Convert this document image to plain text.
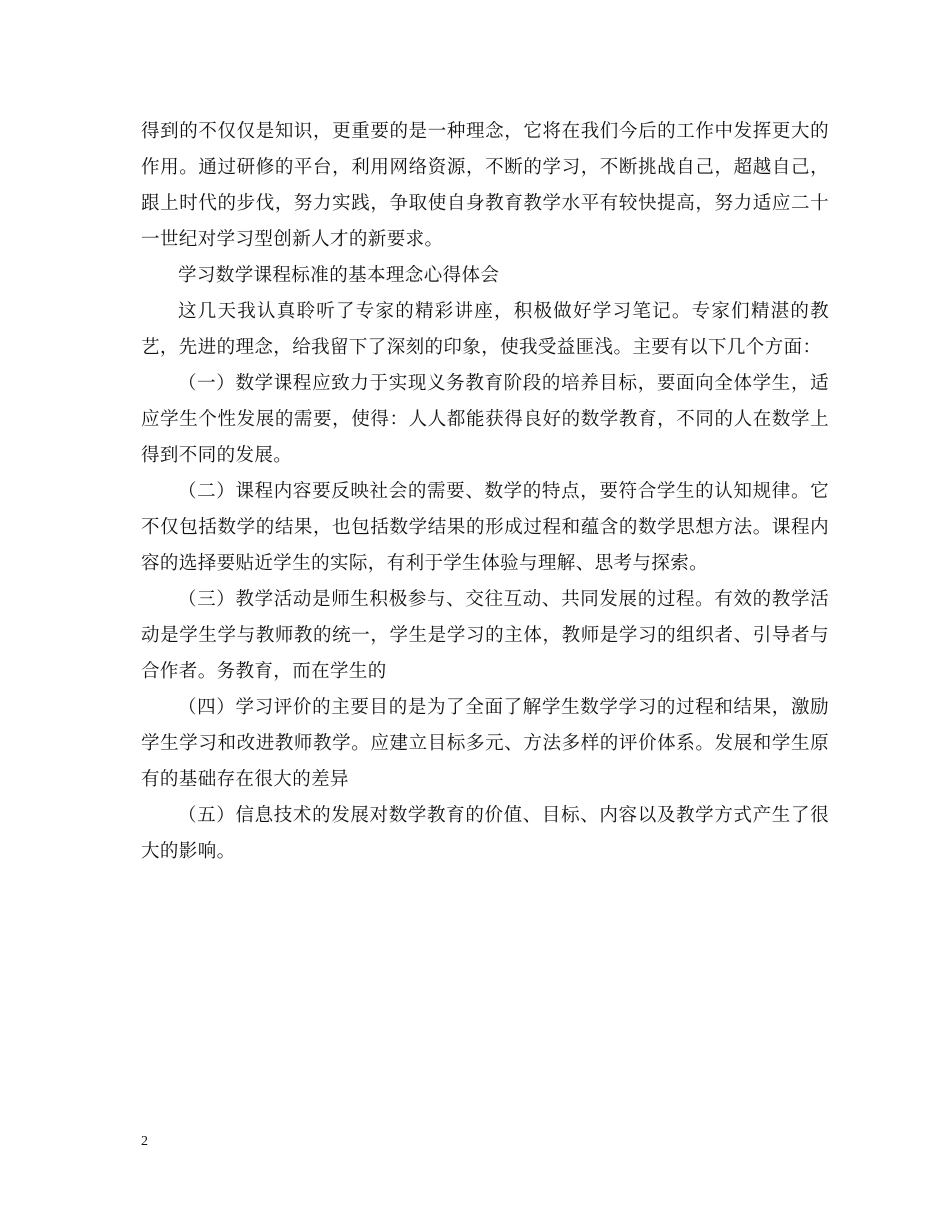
得到的不仅仅是知识，更重要的是一种理念，它将在我们今后的工作中发挥更大的作用。通过研修的平台，利用网络资源，不断的学习，不断挑战自己，超越自己，跟上时代的步伐，努力实践，争取使自身教育教学水平有较快提高，努力适应二十一世纪对学习型创新人才的新要求。

学习数学课程标准的基本理念心得体会

这几天我认真聆听了专家的精彩讲座，积极做好学习笔记。专家们精湛的教艺，先进的理念，给我留下了深刻的印象，使我受益匪浅。主要有以下几个方面：

（一）数学课程应致力于实现义务教育阶段的培养目标，要面向全体学生，适应学生个性发展的需要，使得：人人都能获得良好的数学教育，不同的人在数学上得到不同的发展。

（二）课程内容要反映社会的需要、数学的特点，要符合学生的认知规律。它不仅包括数学的结果，也包括数学结果的形成过程和蕴含的数学思想方法。课程内容的选择要贴近学生的实际，有利于学生体验与理解、思考与探索。

（三）教学活动是师生积极参与、交往互动、共同发展的过程。有效的教学活动是学生学与教师教的统一，学生是学习的主体，教师是学习的组织者、引导者与合作者。务教育，而在学生的

（四）学习评价的主要目的是为了全面了解学生数学学习的过程和结果，激励学生学习和改进教师教学。应建立目标多元、方法多样的评价体系。发展和学生原有的基础存在很大的差异

（五）信息技术的发展对数学教育的价值、目标、内容以及教学方式产生了很大的影响。

2
